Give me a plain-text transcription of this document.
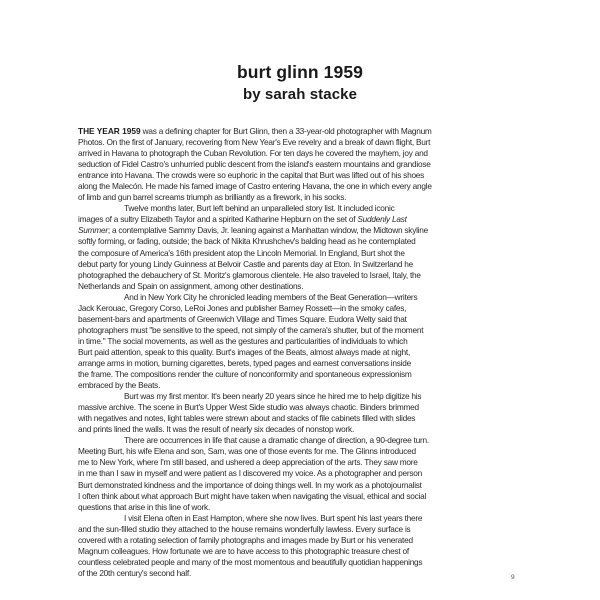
burt glinn 1959
by sarah stacke
THE YEAR 1959 was a defining chapter for Burt Glinn, then a 33-year-old photographer with Magnum
Photos. On the first of January, recovering from New Year's Eve revelry and a break of dawn flight, Burt
arrived in Havana to photograph the Cuban Revolution. For ten days he covered the mayhem, joy and
seduction of Fidel Castro's unhurried public descent from the island's eastern mountains and grandiose
entrance into Havana. The crowds were so euphoric in the capital that Burt was lifted out of his shoes
along the Malecón. He made his famed image of Castro entering Havana, the one in which every angle
of limb and gun barrel screams triumph as brilliantly as a firework, in his socks.
Twelve months later, Burt left behind an unparalleled story list. It included iconic
images of a sultry Elizabeth Taylor and a spirited Katharine Hepburn on the set of Suddenly Last
Summer; a contemplative Sammy Davis, Jr. leaning against a Manhattan window, the Midtown skyline
softly forming, or fading, outside; the back of Nikita Khrushchev's balding head as he contemplated
the composure of America's 16th president atop the Lincoln Memorial. In England, Burt shot the
debut party for young Lindy Guinness at Belvoir Castle and parents day at Eton. In Switzerland he
photographed the debauchery of St. Moritz's glamorous clientele. He also traveled to Israel, Italy, the
Netherlands and Spain on assignment, among other destinations.
And in New York City he chronicled leading members of the Beat Generation—writers
Jack Kerouac, Gregory Corso, LeRoi Jones and publisher Barney Rossett—in the smoky cafes,
basement-bars and apartments of Greenwich Village and Times Square. Eudora Welty said that
photographers must "be sensitive to the speed, not simply of the camera's shutter, but of the moment
in time." The social movements, as well as the gestures and particularities of individuals to which
Burt paid attention, speak to this quality. Burt's images of the Beats, almost always made at night,
arrange arms in motion, burning cigarettes, berets, typed pages and earnest conversations inside
the frame. The compositions render the culture of nonconformity and spontaneous expressionism
embraced by the Beats.
Burt was my first mentor. It's been nearly 20 years since he hired me to help digitize his
massive archive. The scene in Burt's Upper West Side studio was always chaotic. Binders brimmed
with negatives and notes, light tables were strewn about and stacks of file cabinets filled with slides
and prints lined the walls. It was the result of nearly six decades of nonstop work.
There are occurrences in life that cause a dramatic change of direction, a 90-degree turn.
Meeting Burt, his wife Elena and son, Sam, was one of those events for me. The Glinns introduced
me to New York, where I'm still based, and ushered a deep appreciation of the arts. They saw more
in me than I saw in myself and were patient as I discovered my voice. As a photographer and person
Burt demonstrated kindness and the importance of doing things well. In my work as a photojournalist
I often think about what approach Burt might have taken when navigating the visual, ethical and social
questions that arise in this line of work.
I visit Elena often in East Hampton, where she now lives. Burt spent his last years there
and the sun-filled studio they attached to the house remains wonderfully lawless. Every surface is
covered with a rotating selection of family photographs and images made by Burt or his venerated
Magnum colleagues. How fortunate we are to have access to this photographic treasure chest of
countless celebrated people and many of the most momentous and beautifully quotidian happenings
of the 20th century's second half.	9
